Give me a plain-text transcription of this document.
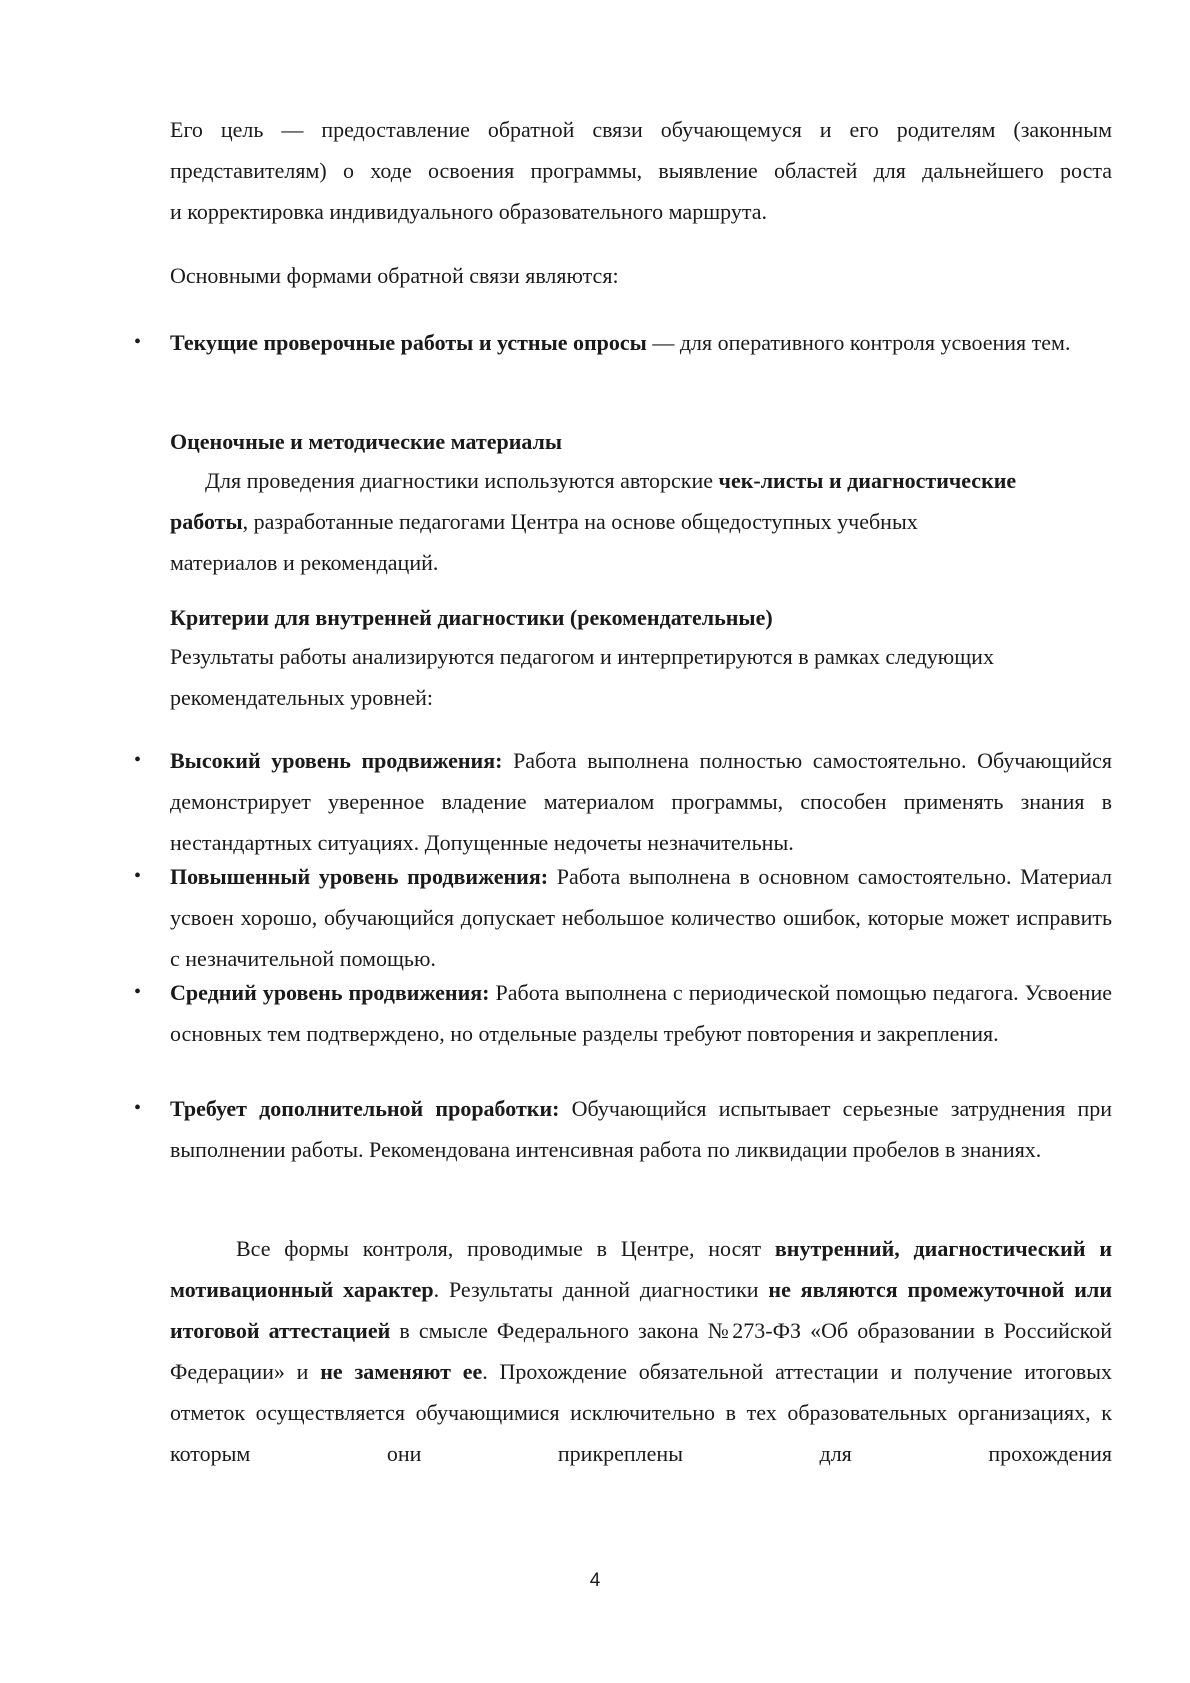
Его цель — предоставление обратной связи обучающемуся и его родителям (законным
представителям) о ходе освоения программы, выявление областей для дальнейшего роста
и корректировка индивидуального образовательного маршрута.
Основными формами обратной связи являются:
• Текущие проверочные работы и устные опросы — для оперативного контроля усвоения тем.
Оценочные и методические материалы
Для проведения диагностики используются авторские чек-листы и диагностические
работы, разработанные педагогами Центра на основе общедоступных учебных
материалов и рекомендаций.
Критерии для внутренней диагностики (рекомендательные)
Результаты работы анализируются педагогом и интерпретируются в рамках следующих
рекомендательных уровней:
• Высокий уровень продвижения: Работа выполнена полностью самостоятельно. Обучающийся демонстрирует уверенное владение материалом программы, способен применять знания в нестандартных ситуациях. Допущенные недочеты незначительны.
• Повышенный уровень продвижения: Работа выполнена в основном самостоятельно. Материал усвоен хорошо, обучающийся допускает небольшое количество ошибок, которые может исправить с незначительной помощью.
• Средний уровень продвижения: Работа выполнена с периодической помощью педагога. Усвоение основных тем подтверждено, но отдельные разделы требуют повторения и закрепления.
• Требует дополнительной проработки: Обучающийся испытывает серьезные затруднения при выполнении работы. Рекомендована интенсивная работа по ликвидации пробелов в знаниях.
Все формы контроля, проводимые в Центре, носят внутренний, диагностический и мотивационный характер. Результаты данной диагностики не являются промежуточной или итоговой аттестацией в смысле Федерального закона №273-ФЗ «Об образовании в Российской Федерации» и не заменяют ее. Прохождение обязательной аттестации и получение итоговых отметок осуществляется обучающимися исключительно в тех образовательных организациях, к которым они прикреплены для прохождения
4
